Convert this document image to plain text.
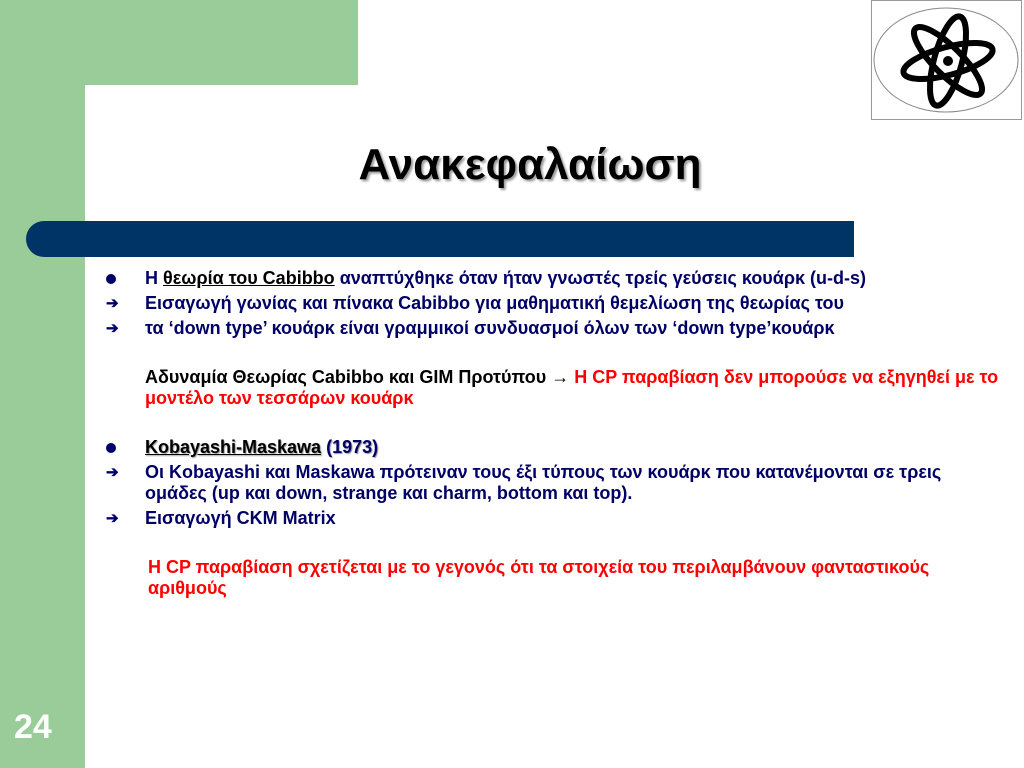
Ανακεφαλαίωση
Η θεωρία του Cabibbo αναπτύχθηκε όταν ήταν γνωστές τρείς γεύσεις κουάρκ (u-d-s)
➔	Εισαγωγή γωνίας και πίνακα Cabibbo για μαθηματική θεμελίωση της θεωρίας του
➔	τα ‘down type’ κουάρκ είναι γραμμικοί συνδυασμοί όλων των ‘down type’κουάρκ
Αδυναμία Θεωρίας Cabibbo και GIM Προτύπου → Η CP παραβίαση δεν μπορούσε να εξηγηθεί με το μοντέλο των τεσσάρων κουάρκ
Kobayashi-Maskawa (1973)
➔	Οι Kobayashi και Maskawa πρότειναν τους έξι τύπους των κουάρκ που κατανέμονται σε τρεις ομάδες (up και down, strange και charm, bottom και top).
➔	Εισαγωγή CKM Matrix
Η CP παραβίαση σχετίζεται με το γεγονός ότι τα στοιχεία του περιλαμβάνουν φανταστικούς αριθμούς
24
